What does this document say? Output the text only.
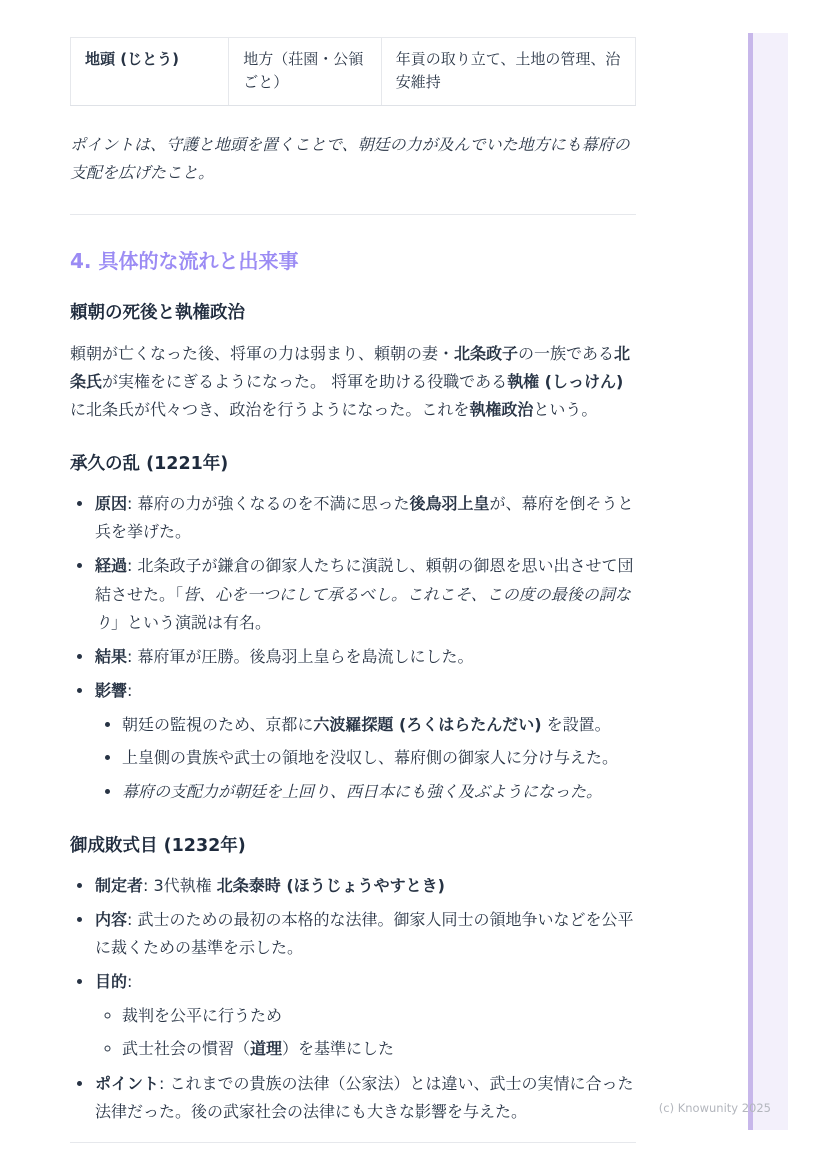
地頭 (じとう)	地方（荘園・公領ごと）	年貢の取り立て、土地の管理、治安維持

ポイントは、守護と地頭を置くことで、朝廷の力が及んでいた地方にも幕府の支配を広げたこと。

4. 具体的な流れと出来事
頼朝の死後と執権政治

頼朝が亡くなった後、将軍の力は弱まり、頼朝の妻・北条政子の一族である北条氏が実権をにぎるようになった。 将軍を助ける役職である執権 (しっけん) に北条氏が代々つき、政治を行うようになった。これを執権政治という。

承久の乱 (1221年)
• 原因: 幕府の力が強くなるのを不満に思った後鳥羽上皇が、幕府を倒そうと兵を挙げた。
• 経過: 北条政子が鎌倉の御家人たちに演説し、頼朝の御恩を思い出させて団結させた。「皆、心を一つにして承るべし。これこそ、この度の最後の詞なり」という演説は有名。
• 結果: 幕府軍が圧勝。後鳥羽上皇らを島流しにした。
• 影響:
• 朝廷の監視のため、京都に六波羅探題 (ろくはらたんだい) を設置。
• 上皇側の貴族や武士の領地を没収し、幕府側の御家人に分け与えた。
• 幕府の支配力が朝廷を上回り、西日本にも強く及ぶようになった。
御成敗式目 (1232年)
• 制定者: 3代執権 北条泰時 (ほうじょうやすとき)
• 内容: 武士のための最初の本格的な法律。御家人同士の領地争いなどを公平に裁くための基準を示した。
• 目的:
◦ 裁判を公平に行うため
◦ 武士社会の慣習（道理）を基準にした
• ポイント: これまでの貴族の法律（公家法）とは違い、武士の実情に合った法律だった。後の武家社会の法律にも大きな影響を与えた。	(c) Knowunity 2025
